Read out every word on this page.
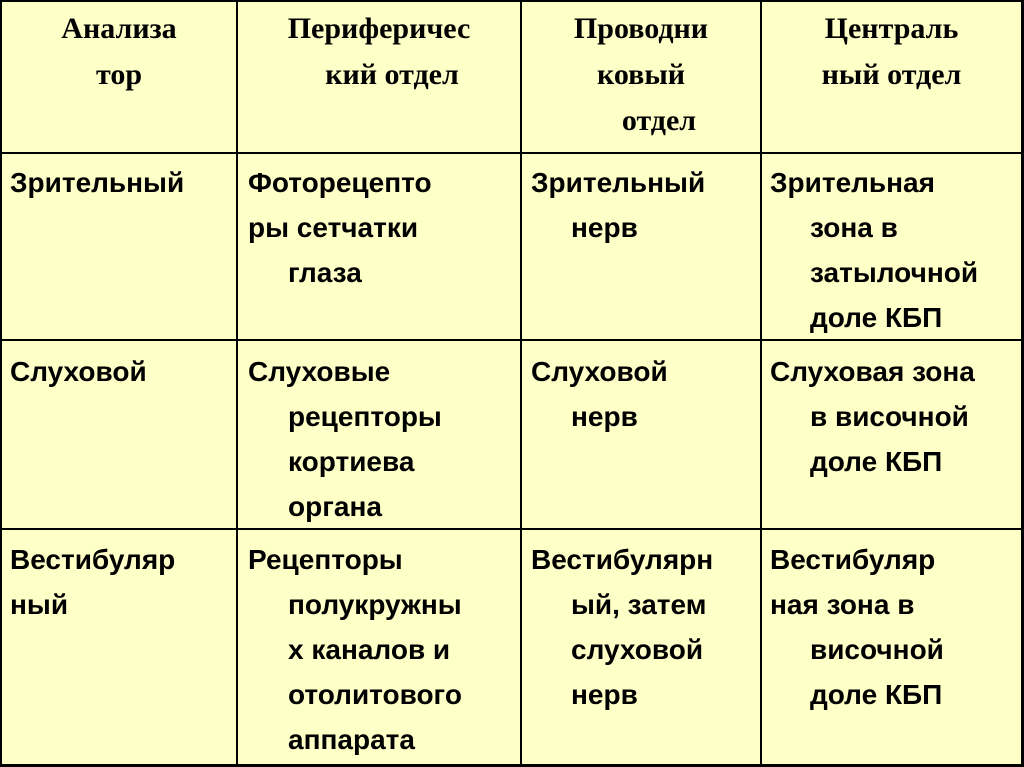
Анализа
тор
Периферичес
кий отдел
Проводни
ковый
отдел
Централь
ный отдел
Зрительный Фоторецепто
ры сетчатки
глаза
Зрительный
нерв
Зрительная
зона в
затылочной
доле КБП
Слуховой	Слуховые
рецепторы
кортиева
органа
Слуховой
нерв
Слуховая зона
в височной
доле КБП
Вестибуляр
ный
Рецепторы
полукружны
х каналов и
отолитового
аппарата
Вестибулярн
ый, затем
слуховой
нерв
Вестибуляр
ная зона в
височной
доле КБП
